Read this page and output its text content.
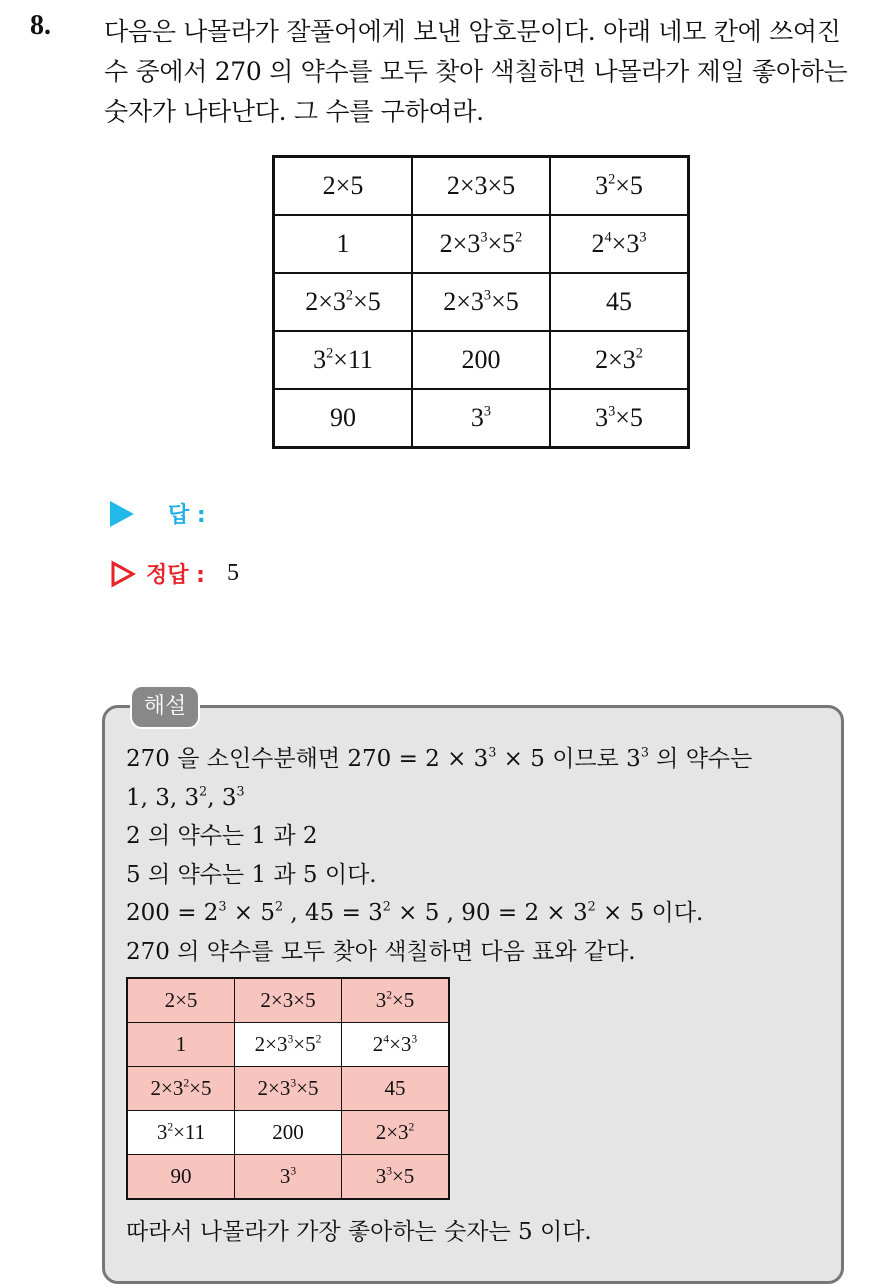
8. 다음은 나몰라가 잘풀어에게 보낸 암호문이다. 아래 네모 칸에 쓰여진

수 중에서 270 의 약수를 모두 찾아 색칠하면 나몰라가 제일 좋아하는

숫자가 나타난다. 그 수를 구하여라.

2×5	2×3×5	$3^2\times 5$
1	$2\times 3^3\times 5^2$	$2^4\times 3^3$
$2\times 3^2\times 5$	$2\times 3^3\times 5$	45
$3^2\times 11$	200	$2\times 3^2$
90	$3^3$	$3^3\times 5$
답 :
정답 : 5
해설

270 을 소인수분해면 $270 = 2 \times 3^3 \times 5$ 이므로 $3^3$ 의 약수는

1, 3, $3^2$, $3^3$

2 의 약수는 1 과 2

5 의 약수는 1 과 5 이다.

$200 = 2^3 \times 5^2$ , $45 = 3^2 \times 5$ , $90 = 2 \times 3^2 \times 5$ 이다.

270 의 약수를 모두 찾아 색칠하면 다음 표와 같다.

2×5	2×3×5	$3^2\times 5$
1	$2\times 3^3\times 5^2$	$2^4\times 3^3$
$2\times 3^2\times 5$	$2\times 3^3\times 5$	45
$3^2\times 11$	200	$2\times 3^2$
90	$3^3$	$3^3\times 5$
따라서 나몰라가 가장 좋아하는 숫자는 5 이다.
